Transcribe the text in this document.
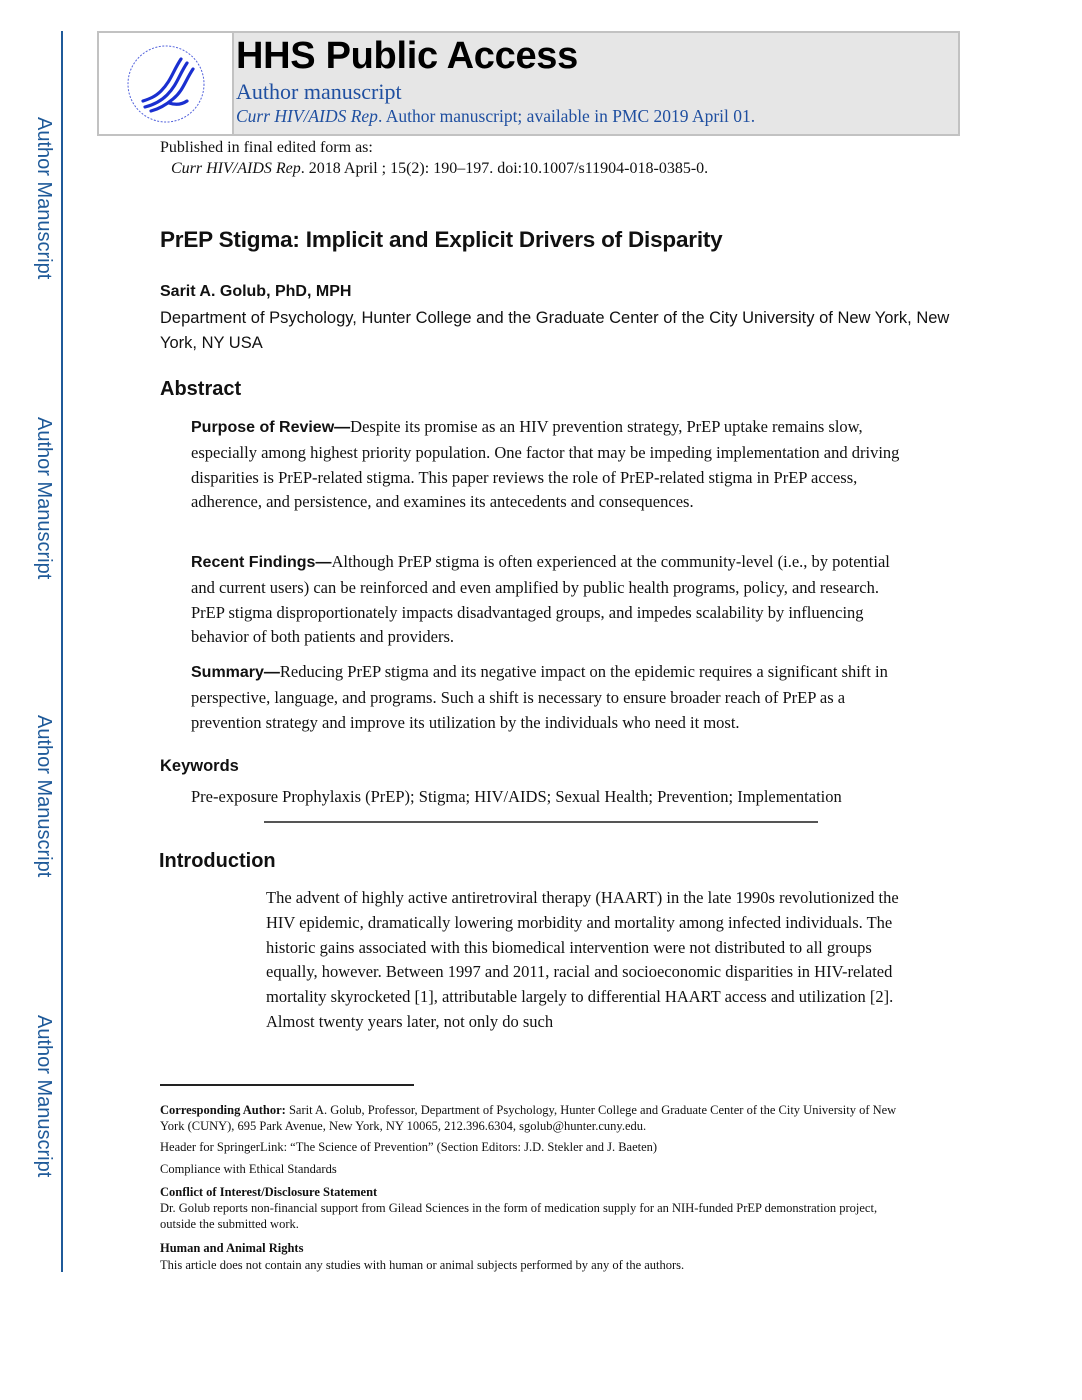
Author Manuscript
Author Manuscript
Author Manuscript
Author Manuscript
HHS Public Access
Author manuscript
Curr HIV/AIDS Rep. Author manuscript; available in PMC 2019 April 01.
Published in final edited form as:
Curr HIV/AIDS Rep. 2018 April ; 15(2): 190–197. doi:10.1007/s11904-018-0385-0.
PrEP Stigma: Implicit and Explicit Drivers of Disparity
Sarit A. Golub, PhD, MPH
Department of Psychology, Hunter College and the Graduate Center of the City University of New York, New York, NY USA
Abstract
Purpose of Review—Despite its promise as an HIV prevention strategy, PrEP uptake remains slow, especially among highest priority population. One factor that may be impeding implementation and driving disparities is PrEP-related stigma. This paper reviews the role of PrEP-related stigma in PrEP access, adherence, and persistence, and examines its antecedents and consequences.
Recent Findings—Although PrEP stigma is often experienced at the community-level (i.e., by potential and current users) can be reinforced and even amplified by public health programs, policy, and research. PrEP stigma disproportionately impacts disadvantaged groups, and impedes scalability by influencing behavior of both patients and providers.
Summary—Reducing PrEP stigma and its negative impact on the epidemic requires a significant shift in perspective, language, and programs. Such a shift is necessary to ensure broader reach of PrEP as a prevention strategy and improve its utilization by the individuals who need it most.
Keywords
Pre-exposure Prophylaxis (PrEP); Stigma; HIV/AIDS; Sexual Health; Prevention; Implementation
Introduction
The advent of highly active antiretroviral therapy (HAART) in the late 1990s revolutionized the HIV epidemic, dramatically lowering morbidity and mortality among infected individuals. The historic gains associated with this biomedical intervention were not distributed to all groups equally, however. Between 1997 and 2011, racial and socioeconomic disparities in HIV-related mortality skyrocketed [1], attributable largely to differential HAART access and utilization [2]. Almost twenty years later, not only do such
Corresponding Author: Sarit A. Golub, Professor, Department of Psychology, Hunter College and Graduate Center of the City University of New York (CUNY), 695 Park Avenue, New York, NY 10065, 212.396.6304, sgolub@hunter.cuny.edu.
Header for SpringerLink: “The Science of Prevention” (Section Editors: J.D. Stekler and J. Baeten)
Compliance with Ethical Standards
Conflict of Interest/Disclosure Statement
Dr. Golub reports non-financial support from Gilead Sciences in the form of medication supply for an NIH-funded PrEP demonstration project, outside the submitted work.
Human and Animal Rights
This article does not contain any studies with human or animal subjects performed by any of the authors.
